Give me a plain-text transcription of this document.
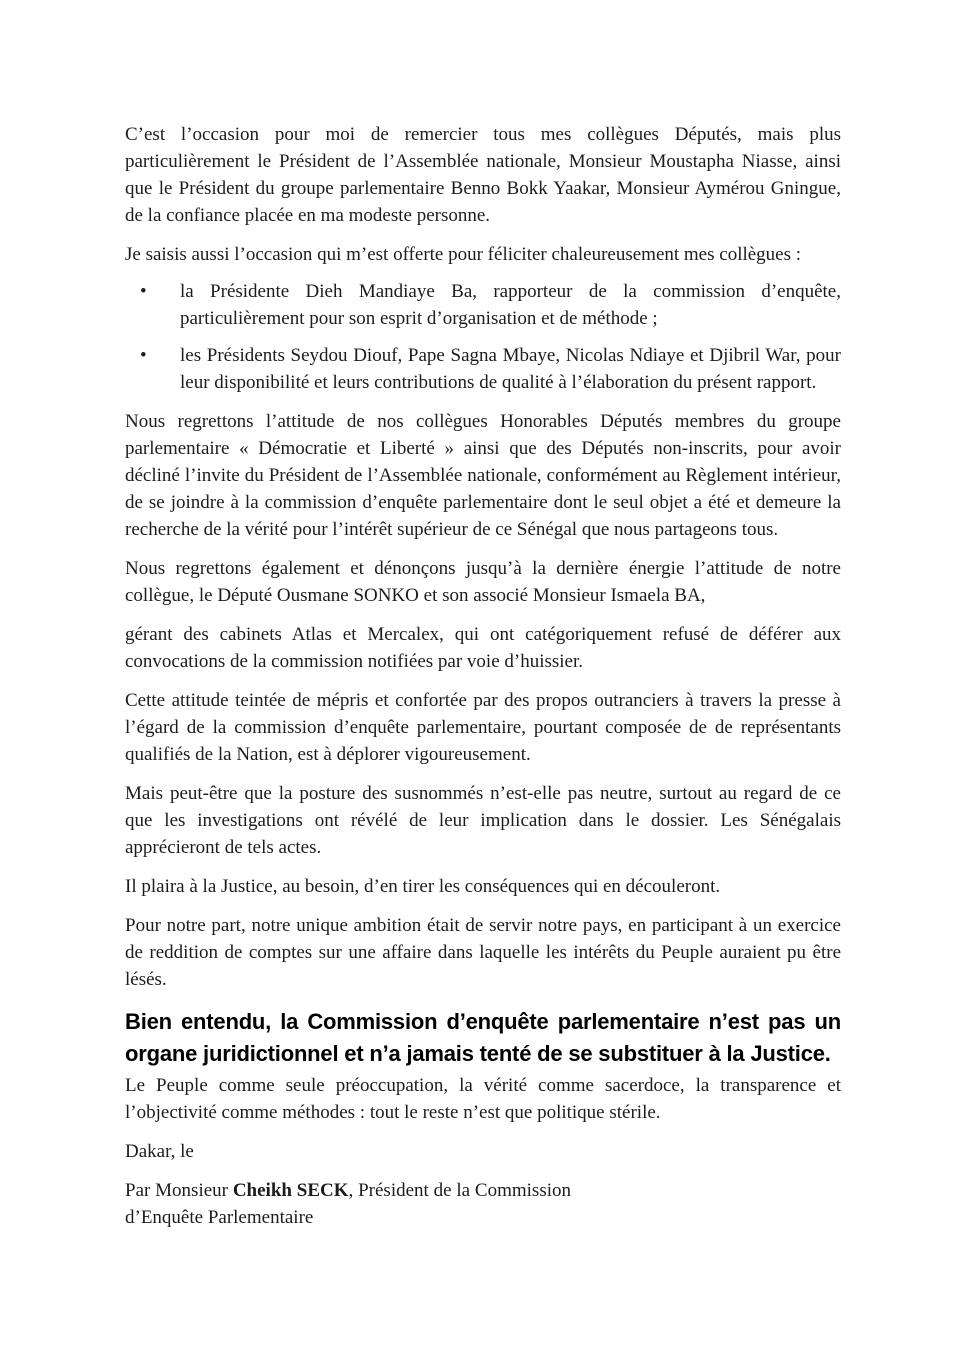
C’est l’occasion pour moi de remercier tous mes collègues Députés, mais plus particulièrement le Président de l’Assemblée nationale, Monsieur Moustapha Niasse, ainsi que le Président du groupe parlementaire Benno Bokk Yaakar, Monsieur Aymérou Gningue, de la confiance placée en ma modeste personne.

Je saisis aussi l’occasion qui m’est offerte pour féliciter chaleureusement mes collègues :

•	la Présidente Dieh Mandiaye Ba, rapporteur de la commission d’enquête, particulièrement pour son esprit d’organisation et de méthode ;

•	les Présidents Seydou Diouf, Pape Sagna Mbaye, Nicolas Ndiaye et Djibril War, pour leur disponibilité et leurs contributions de qualité à l’élaboration du présent rapport.

Nous regrettons l’attitude de nos collègues Honorables Députés membres du groupe parlementaire « Démocratie et Liberté » ainsi que des Députés non-inscrits, pour avoir décliné l’invite du Président de l’Assemblée nationale, conformément au Règlement intérieur, de se joindre à la commission d’enquête parlementaire dont le seul objet a été et demeure la recherche de la vérité pour l’intérêt supérieur de ce Sénégal que nous partageons tous.

Nous regrettons également et dénonçons jusqu’à la dernière énergie l’attitude de notre collègue, le Député Ousmane SONKO et son associé Monsieur Ismaela BA,

gérant des cabinets Atlas et Mercalex, qui ont catégoriquement refusé de déférer aux convocations de la commission notifiées par voie d’huissier.

Cette attitude teintée de mépris et confortée par des propos outranciers à travers la presse à l’égard de la commission d’enquête parlementaire, pourtant composée de de représentants qualifiés de la Nation, est à déplorer vigoureusement.

Mais peut-être que la posture des susnommés n’est-elle pas neutre, surtout au regard de ce que les investigations ont révélé de leur implication dans le dossier. Les Sénégalais apprécieront de tels actes.

Il plaira à la Justice, au besoin, d’en tirer les conséquences qui en découleront.

Pour notre part, notre unique ambition était de servir notre pays, en participant à un exercice de reddition de comptes sur une affaire dans laquelle les intérêts du Peuple auraient pu être lésés.

Bien entendu, la Commission d’enquête parlementaire n’est pas un organe juridictionnel et n’a jamais tenté de se substituer à la Justice.

Le Peuple comme seule préoccupation, la vérité comme sacerdoce, la transparence et l’objectivité comme méthodes : tout le reste n’est que politique stérile.

Dakar, le

Par Monsieur Cheikh SECK, Président de la Commission d’Enquête Parlementaire
